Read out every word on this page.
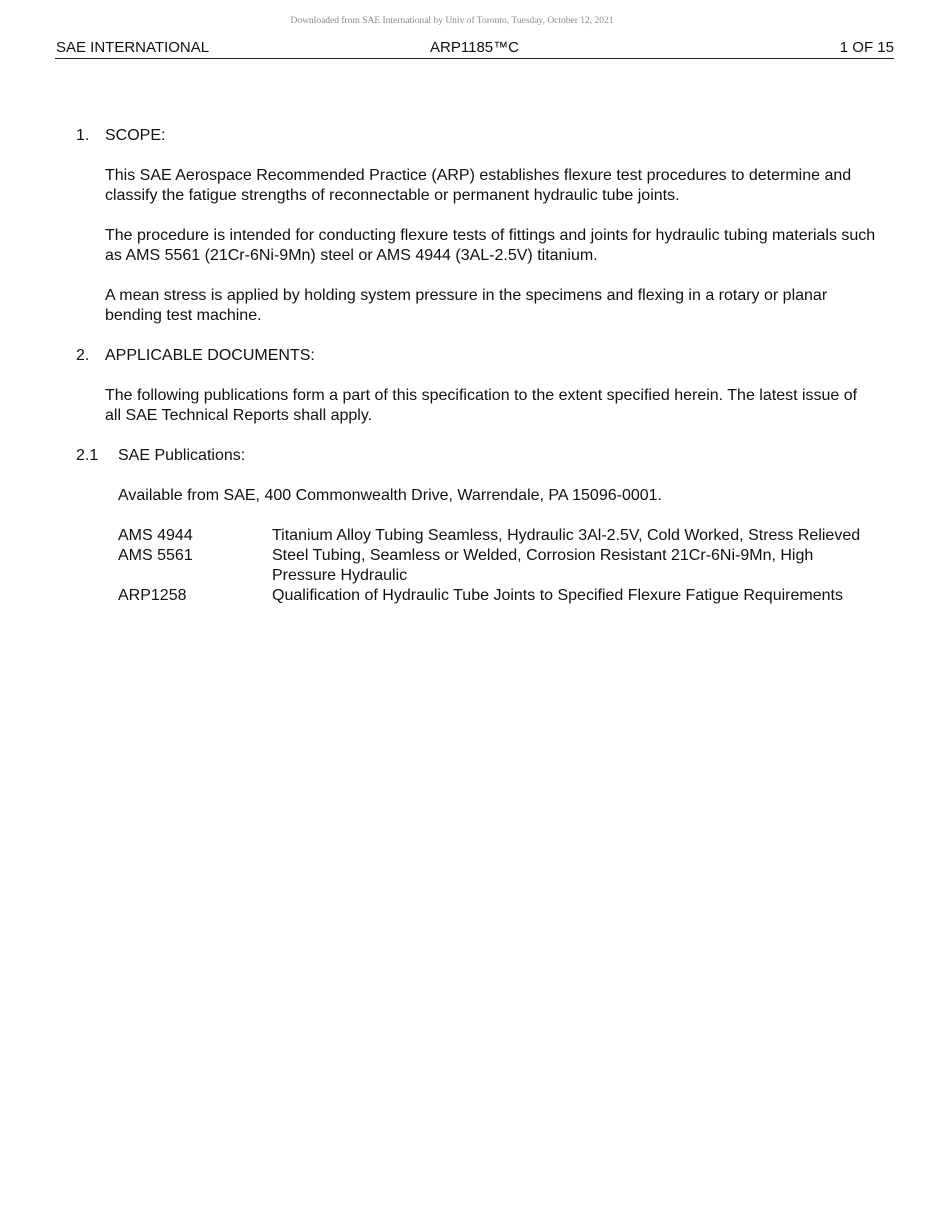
Downloaded from SAE International by Univ of Toronto, Tuesday, October 12, 2021
SAE INTERNATIONAL	ARP1185™C	1 OF 15
1. SCOPE:

This SAE Aerospace Recommended Practice (ARP) establishes flexure test procedures to determine and classify the fatigue strengths of reconnectable or permanent hydraulic tube joints.

The procedure is intended for conducting flexure tests of fittings and joints for hydraulic tubing materials such as AMS 5561 (21Cr-6Ni-9Mn) steel or AMS 4944 (3AL-2.5V) titanium.

A mean stress is applied by holding system pressure in the specimens and flexing in a rotary or planar bending test machine.

2. APPLICABLE DOCUMENTS:

The following publications form a part of this specification to the extent specified herein. The latest issue of all SAE Technical Reports shall apply.

2.1	SAE Publications:

Available from SAE, 400 Commonwealth Drive, Warrendale, PA 15096-0001.

AMS 4944	Titanium Alloy Tubing Seamless, Hydraulic 3Al-2.5V, Cold Worked, Stress Relieved
AMS 5561	Steel Tubing, Seamless or Welded, Corrosion Resistant 21Cr-6Ni-9Mn, High Pressure Hydraulic
ARP1258	Qualification of Hydraulic Tube Joints to Specified Flexure Fatigue Requirements
